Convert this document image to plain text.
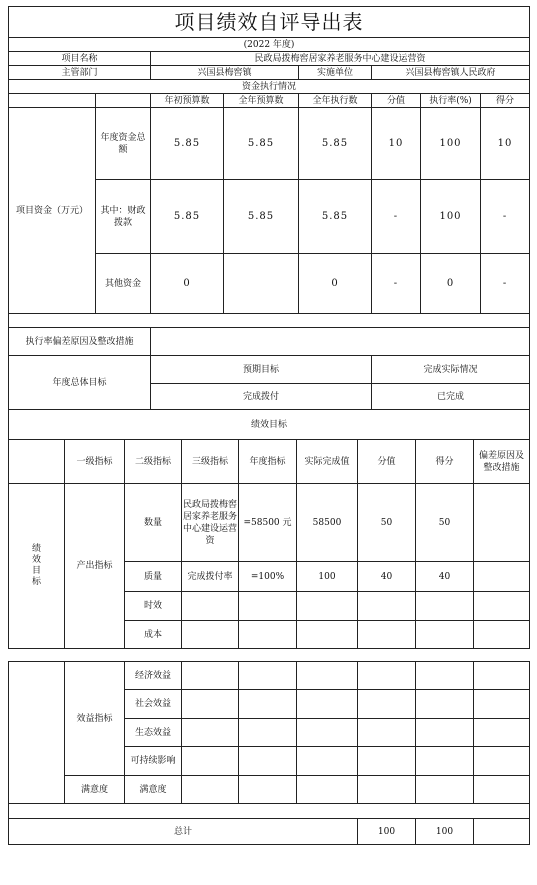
项目绩效自评导出表							
(2022 年度)							
项目名称		民政局拨梅窖居家养老服务中心建设运营资					
主管部门		兴国县梅窖镇		实施单位	兴国县梅窖镇人民政府		
资金执行情况							
		年初预算数	全年预算数	全年执行数	分值	执行率(%)	得分
项目资金（万元）	年度资金总额	5.85	5.85	5.85	10	100	10
	其中：财政拨款	5.85	5.85	5.85	-	100	-
	其他资金	0		0	-	0	-

执行率偏差原因及整改措施							
年度总体目标		预期目标			完成实际情况		
		完成拨付			已完成		
绩效目标							
	一级指标	二级指标	三级指标	年度指标	实际完成值	分值	得分	偏差原因及整改措施
绩效目标	产出指标	数量	民政局拨梅窖居家养老服务中心建设运营资	=58500 元	58500	50	50	
		质量	完成拨付率	=100%	100	40	40	
		时效						
		成本						
	效益指标	经济效益						
		社会效益						
		生态效益						
		可持续影响						
	满意度	满意度						

总计						100	100	
